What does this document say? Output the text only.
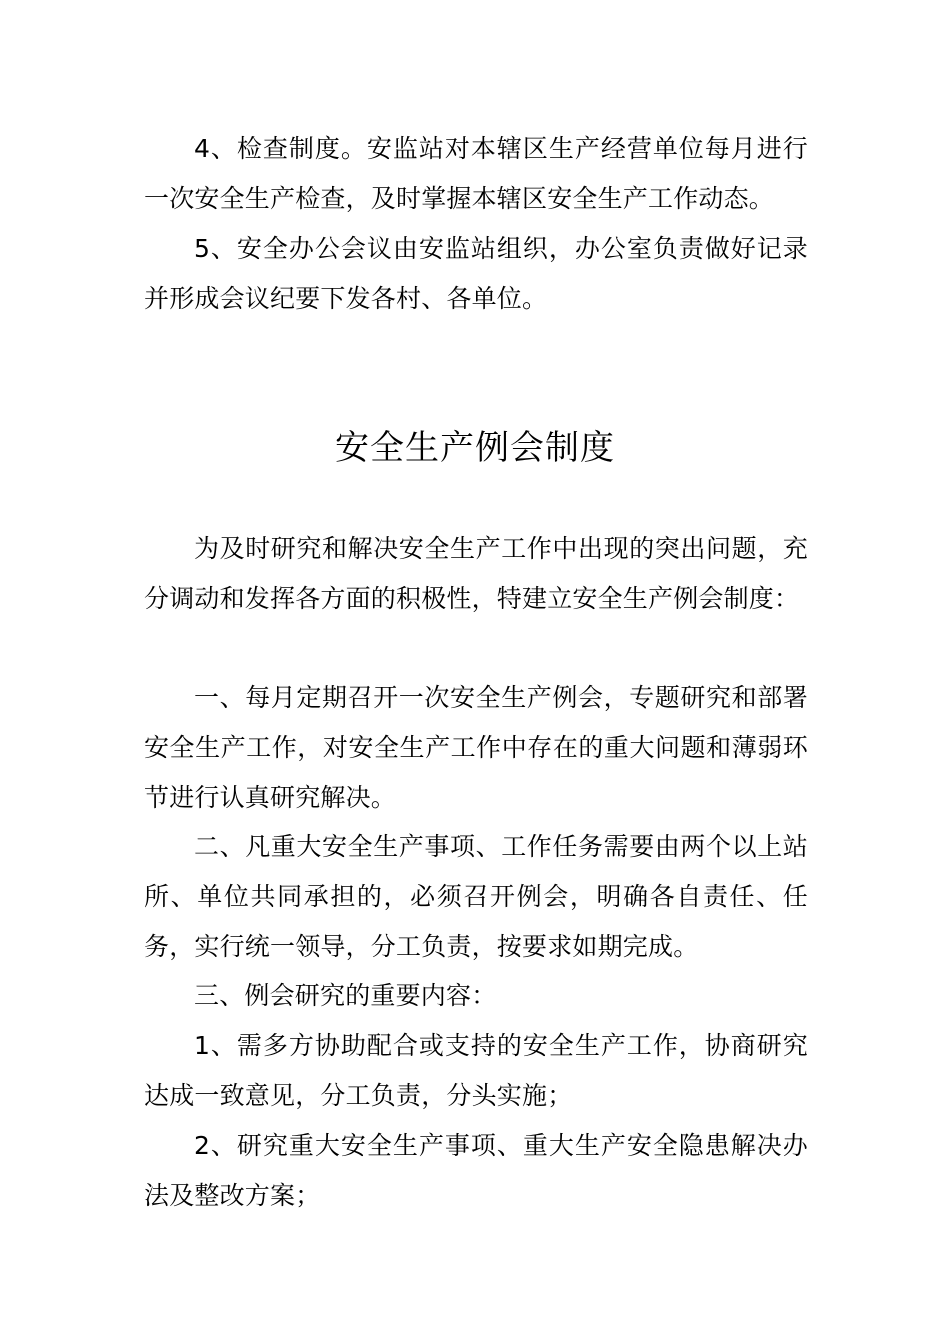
4、检查制度。安监站对本辖区生产经营单位每月进行一次安全生产检查，及时掌握本辖区安全生产工作动态。

5、安全办公会议由安监站组织，办公室负责做好记录并形成会议纪要下发各村、各单位。

安全生产例会制度

为及时研究和解决安全生产工作中出现的突出问题，充分调动和发挥各方面的积极性，特建立安全生产例会制度：

一、每月定期召开一次安全生产例会，专题研究和部署安全生产工作，对安全生产工作中存在的重大问题和薄弱环节进行认真研究解决。

二、凡重大安全生产事项、工作任务需要由两个以上站所、单位共同承担的，必须召开例会，明确各自责任、任务，实行统一领导，分工负责，按要求如期完成。

三、例会研究的重要内容：

1、需多方协助配合或支持的安全生产工作，协商研究达成一致意见，分工负责，分头实施；

2、研究重大安全生产事项、重大生产安全隐患解决办法及整改方案；
